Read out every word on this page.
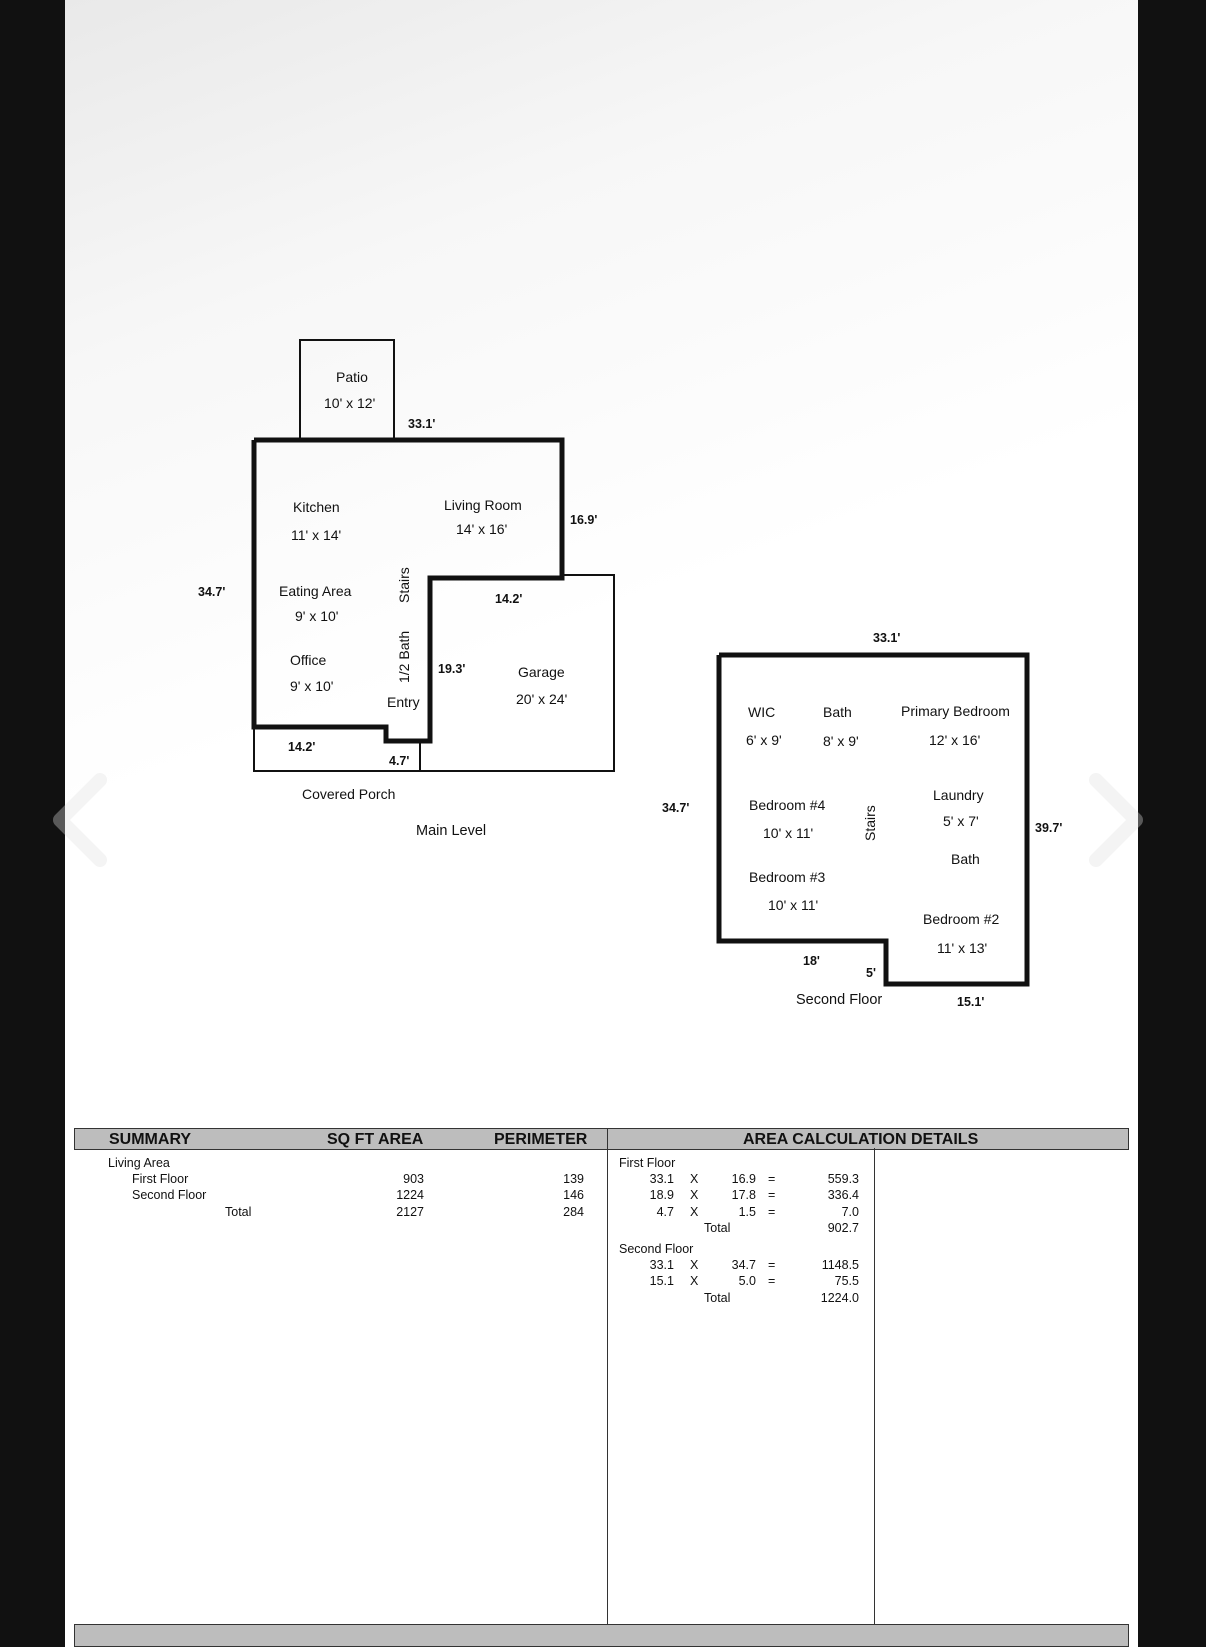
Patio
10' x 12'
Kitchen
11' x 14'
Living Room
14' x 16'
Eating Area
9' x 10'
Office
9' x 10'
Stairs
1/2 Bath
Entry
Garage
20' x 24'
Covered Porch
33.1'
16.9'
34.7'	14.2'
19.3'
14.2'
4.7'
Main Level
WIC
6' x 9'
Bath
8' x 9'
Primary Bedroom
12' x 16'
Bedroom #4
10' x 11'	Stairs
Laundry
5' x 7'
Bath
Bedroom #3
10' x 11'
Bedroom #2
11' x 13'
33.1'
34.7'
39.7'
18'
5'
15.1'
Second Floor
SUMMARY	SQ FT AREA	PERIMETER	AREA CALCULATION DETAILS
Living Area
First Floor	903	139
Second Floor	1224	146
Total	2127	284
First Floor
33.1 X	16.9 =	559.3
18.9 X	17.8 =	336.4
4.7 X	1.5 =	7.0
Total	902.7
Second Floor
33.1 X	34.7 =	1148.5
15.1 X	5.0 =	75.5
Total	1224.0
